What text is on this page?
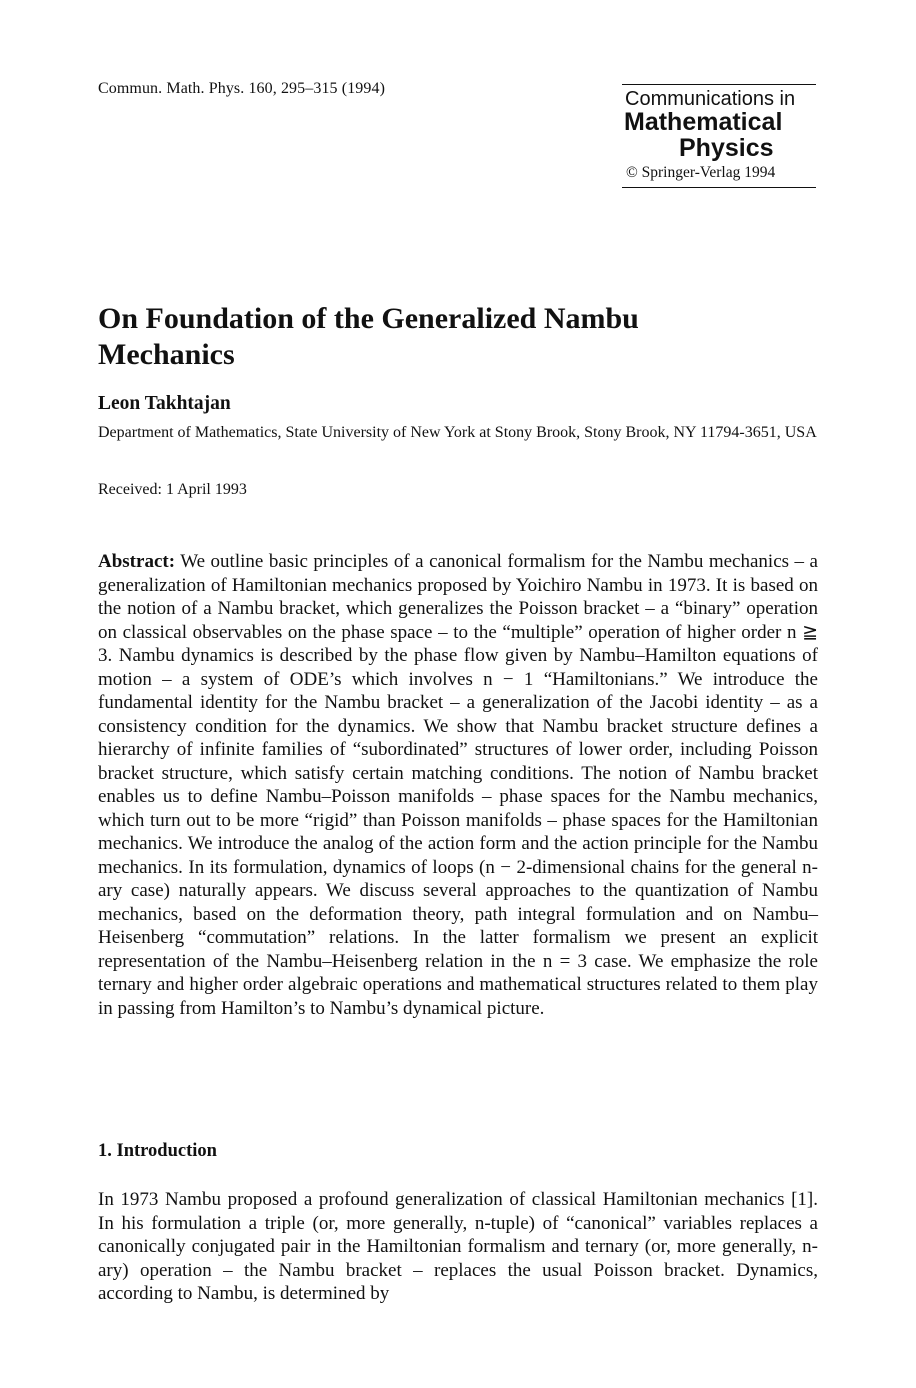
Commun. Math. Phys. 160, 295–315 (1994)	Communications in
Mathematical
Physics
© Springer-Verlag 1994
On Foundation of the Generalized Nambu Mechanics
Leon Takhtajan
Department of Mathematics, State University of New York at Stony Brook, Stony Brook, NY 11794-3651, USA
Received: 1 April 1993

Abstract: We outline basic principles of a canonical formalism for the Nambu mechanics – a generalization of Hamiltonian mechanics proposed by Yoichiro Nambu in 1973. It is based on the notion of a Nambu bracket, which generalizes the Poisson bracket – a “binary” operation on classical observables on the phase space – to the “multiple” operation of higher order n ≧ 3. Nambu dynamics is described by the phase flow given by Nambu–Hamilton equations of motion – a system of ODE’s which involves n − 1 “Hamiltonians.” We introduce the fundamental identity for the Nambu bracket – a generalization of the Jacobi identity – as a consistency condition for the dynamics. We show that Nambu bracket structure defines a hierarchy of infinite families of “subordinated” structures of lower order, including Poisson bracket structure, which satisfy certain matching conditions. The notion of Nambu bracket enables us to define Nambu–Poisson manifolds – phase spaces for the Nambu mechanics, which turn out to be more “rigid” than Poisson manifolds – phase spaces for the Hamiltonian mechanics. We introduce the analog of the action form and the action principle for the Nambu mechanics. In its formulation, dynamics of loops (n − 2-dimensional chains for the general n-ary case) naturally appears. We discuss several approaches to the quantization of Nambu mechanics, based on the deformation theory, path integral formulation and on Nambu–Heisenberg “commutation” relations. In the latter formalism we present an explicit representation of the Nambu–Heisenberg relation in the n = 3 case. We emphasize the role ternary and higher order algebraic operations and mathematical structures related to them play in passing from Hamilton’s to Nambu’s dynamical picture.

1. Introduction

In 1973 Nambu proposed a profound generalization of classical Hamiltonian mechanics [1]. In his formulation a triple (or, more generally, n-tuple) of “canonical” variables replaces a canonically conjugated pair in the Hamiltonian formalism and ternary (or, more generally, n-ary) operation – the Nambu bracket – replaces the usual Poisson bracket. Dynamics, according to Nambu, is determined by
